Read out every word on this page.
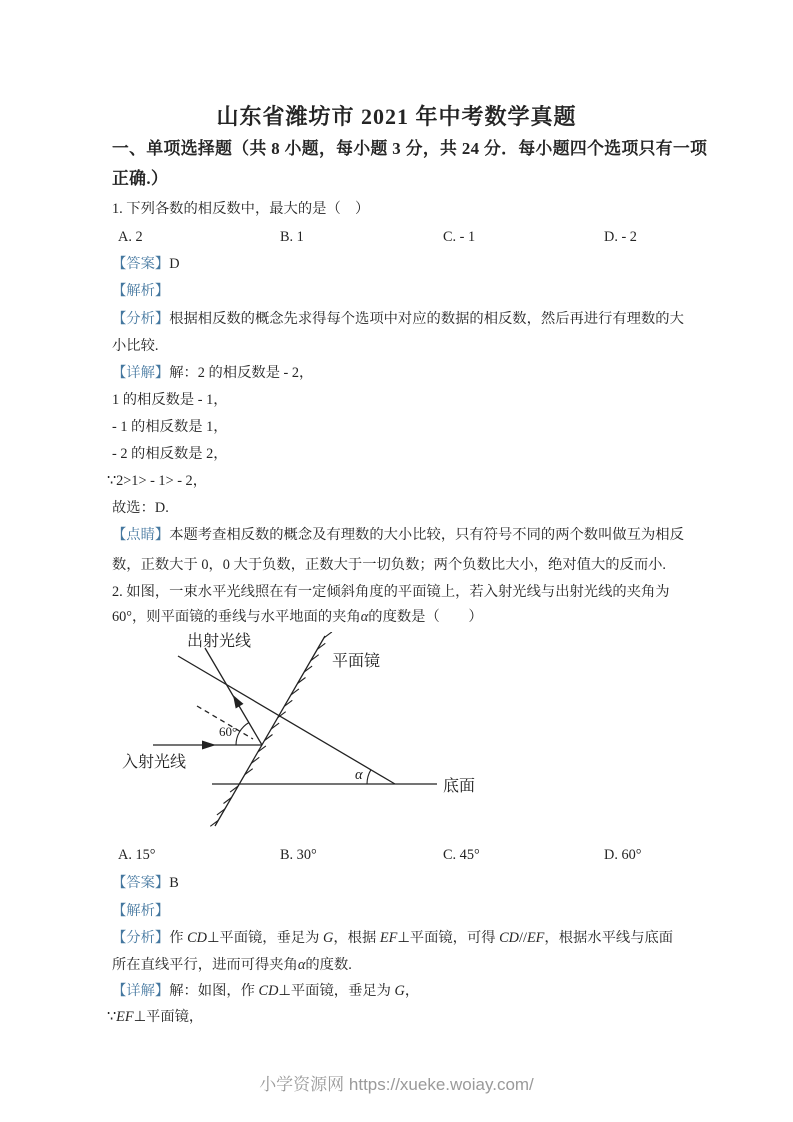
山东省潍坊市 2021 年中考数学真题
一、单项选择题（共 8 小题，每小题 3 分，共 24 分．每小题四个选项只有一项
正确.）
1. 下列各数的相反数中，最大的是（　）

A. 2

	B. 1

	C. - 1

	D. - 2

【答案】D
【解析】
【分析】根据相反数的概念先求得每个选项中对应的数据的相反数，然后再进行有理数的大
小比较.
【详解】解：2 的相反数是 - 2，
1 的相反数是 - 1，
- 1 的相反数是 1，
- 2 的相反数是 2，
∵2>1> - 1> - 2，
故选：D.
【点睛】本题考查相反数的概念及有理数的大小比较，只有符号不同的两个数叫做互为相反
数，正数大于 0，0 大于负数，正数大于一切负数；两个负数比大小，绝对值大的反而小.
2. 如图，一束水平光线照在有一定倾斜角度的平面镜上，若入射光线与出射光线的夹角为
60°，则平面镜的垂线与水平地面的夹角α的度数是（　　）
出射光线
平面镜
入射光线
底面
60°
α

A. 15°

	B. 30°

	C. 45°

	D. 60°

【答案】B
【解析】
【分析】作 CD⊥平面镜，垂足为 G，根据 EF⊥平面镜，可得 CD//EF，根据水平线与底面
所在直线平行，进而可得夹角α的度数.
【详解】解：如图，作 CD⊥平面镜，垂足为 G，
∵EF⊥平面镜，
小学资源网 https://xueke.woiay.com/
